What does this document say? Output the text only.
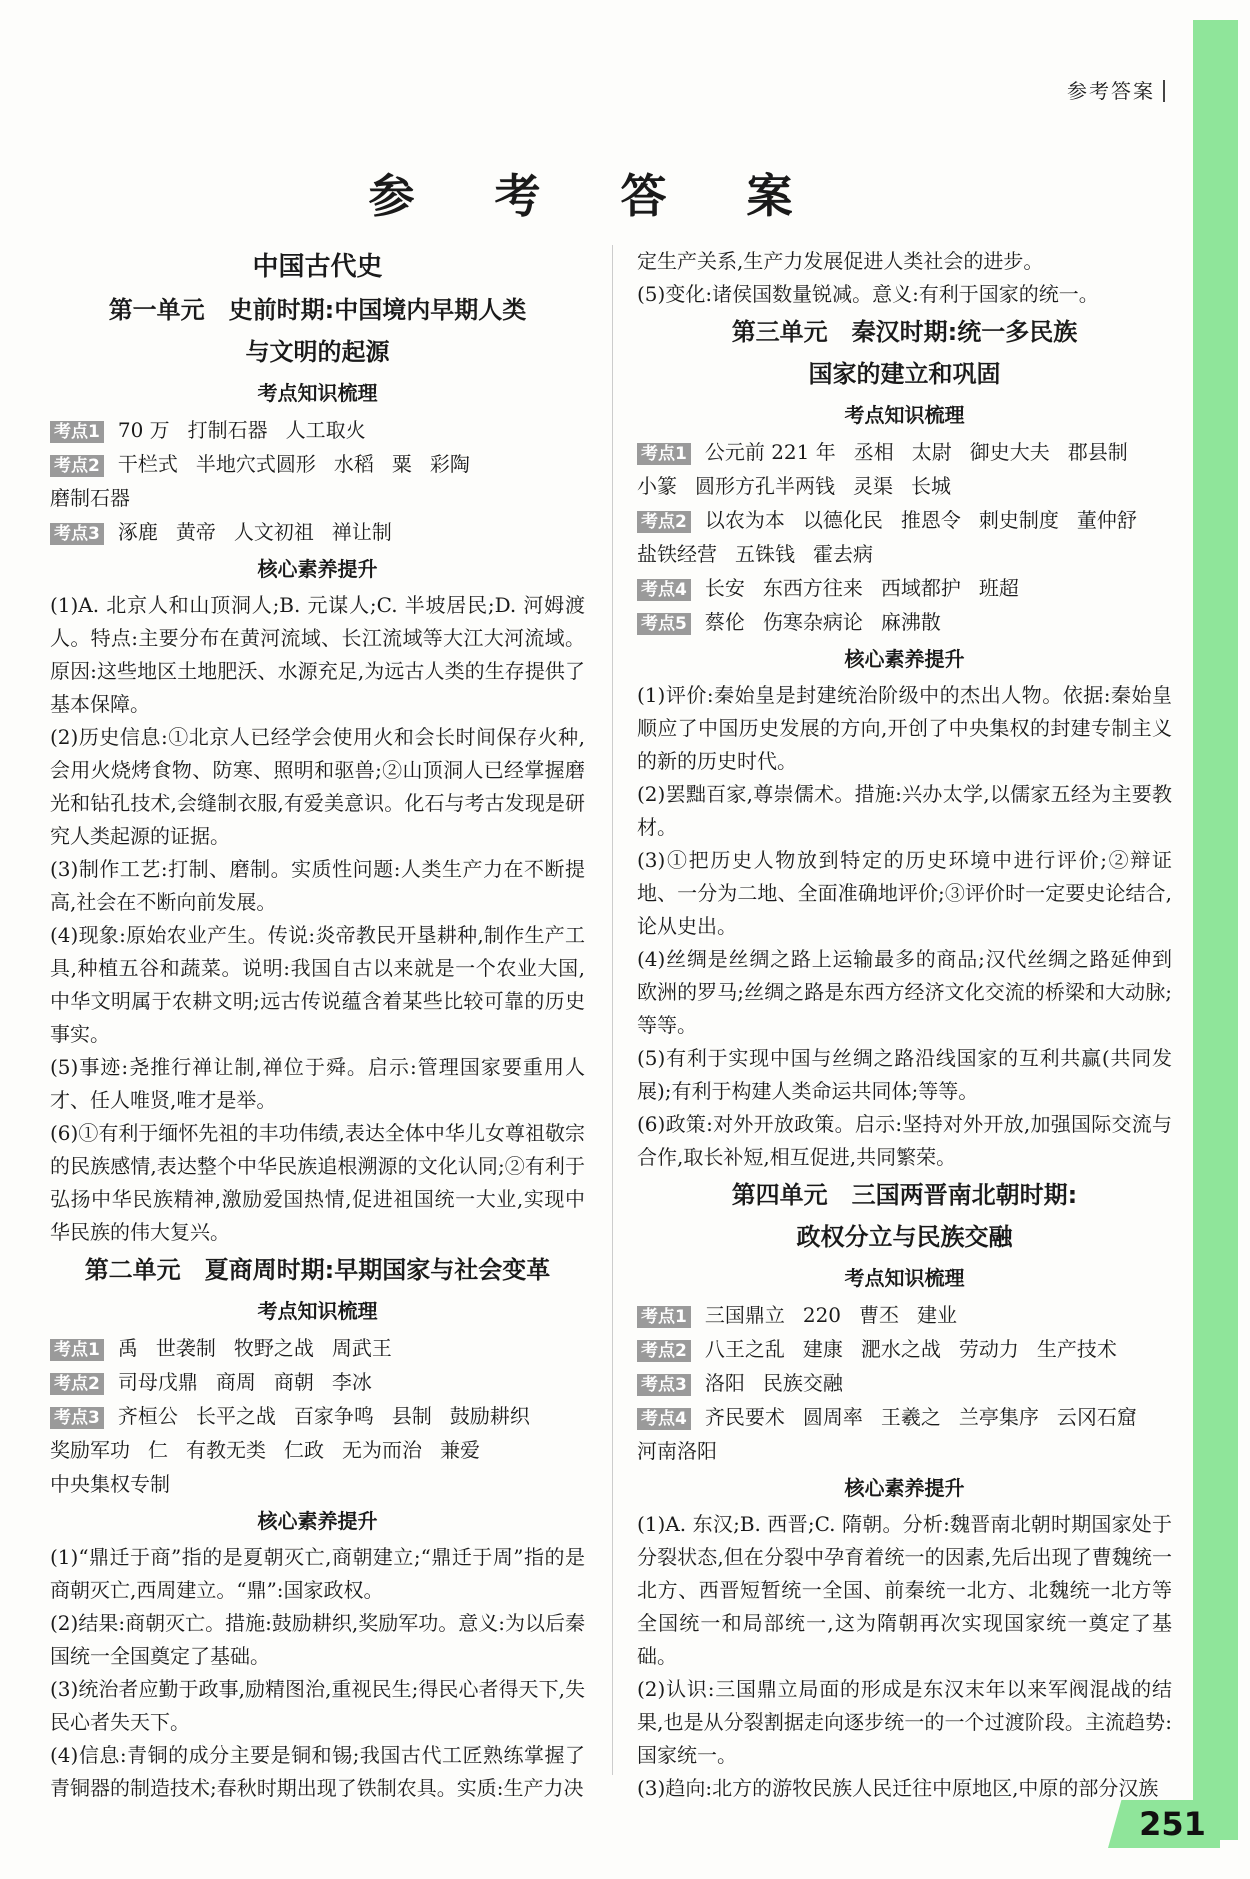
参考答案
参 考 答 案
中国古代史
第一单元　史前时期:中国境内早期人类
与文明的起源
考点知识梳理
考点1 70 万 打制石器 人工取火
考点2 干栏式 半地穴式圆形 水稻 粟 彩陶
磨制石器
考点3 涿鹿 黄帝 人文初祖 禅让制
核心素养提升
(1)A. 北京人和山顶洞人;B. 元谋人;C. 半坡居民;D. 河姆渡人。特点:主要分布在黄河流域、长江流域等大江大河流域。原因:这些地区土地肥沃、水源充足,为远古人类的生存提供了基本保障。
(2)历史信息:①北京人已经学会使用火和会长时间保存火种,会用火烧烤食物、防寒、照明和驱兽;②山顶洞人已经掌握磨光和钻孔技术,会缝制衣服,有爱美意识。化石与考古发现是研究人类起源的证据。
(3)制作工艺:打制、磨制。实质性问题:人类生产力在不断提高,社会在不断向前发展。
(4)现象:原始农业产生。传说:炎帝教民开垦耕种,制作生产工具,种植五谷和蔬菜。说明:我国自古以来就是一个农业大国,中华文明属于农耕文明;远古传说蕴含着某些比较可靠的历史事实。
(5)事迹:尧推行禅让制,禅位于舜。启示:管理国家要重用人才、任人唯贤,唯才是举。
(6)①有利于缅怀先祖的丰功伟绩,表达全体中华儿女尊祖敬宗的民族感情,表达整个中华民族追根溯源的文化认同;②有利于弘扬中华民族精神,激励爱国热情,促进祖国统一大业,实现中华民族的伟大复兴。
第二单元　夏商周时期:早期国家与社会变革
考点知识梳理
考点1 禹 世袭制 牧野之战 周武王
考点2 司母戊鼎 商周 商朝 李冰
考点3 齐桓公 长平之战 百家争鸣 县制 鼓励耕织
奖励军功 仁 有教无类 仁政 无为而治 兼爱
中央集权专制
核心素养提升
(1)“鼎迁于商”指的是夏朝灭亡,商朝建立;“鼎迁于周”指的是商朝灭亡,西周建立。“鼎”:国家政权。
(2)结果:商朝灭亡。措施:鼓励耕织,奖励军功。意义:为以后秦国统一全国奠定了基础。
(3)统治者应勤于政事,励精图治,重视民生;得民心者得天下,失民心者失天下。
(4)信息:青铜的成分主要是铜和锡;我国古代工匠熟练掌握了青铜器的制造技术;春秋时期出现了铁制农具。实质:生产力决
定生产关系,生产力发展促进人类社会的进步。
(5)变化:诸侯国数量锐减。意义:有利于国家的统一。
第三单元　秦汉时期:统一多民族
国家的建立和巩固
考点知识梳理
考点1 公元前 221 年 丞相 太尉 御史大夫 郡县制
小篆 圆形方孔半两钱 灵渠 长城
考点2 以农为本 以德化民 推恩令 刺史制度 董仲舒
盐铁经营 五铢钱 霍去病
考点4 长安 东西方往来 西域都护 班超
考点5 蔡伦 伤寒杂病论 麻沸散
核心素养提升
(1)评价:秦始皇是封建统治阶级中的杰出人物。依据:秦始皇顺应了中国历史发展的方向,开创了中央集权的封建专制主义的新的历史时代。
(2)罢黜百家,尊崇儒术。措施:兴办太学,以儒家五经为主要教材。
(3)①把历史人物放到特定的历史环境中进行评价;②辩证地、一分为二地、全面准确地评价;③评价时一定要史论结合,论从史出。
(4)丝绸是丝绸之路上运输最多的商品;汉代丝绸之路延伸到欧洲的罗马;丝绸之路是东西方经济文化交流的桥梁和大动脉;等等。
(5)有利于实现中国与丝绸之路沿线国家的互利共赢(共同发展);有利于构建人类命运共同体;等等。
(6)政策:对外开放政策。启示:坚持对外开放,加强国际交流与合作,取长补短,相互促进,共同繁荣。
第四单元　三国两晋南北朝时期:
政权分立与民族交融
考点知识梳理
考点1 三国鼎立 220 曹丕 建业
考点2 八王之乱 建康 淝水之战 劳动力 生产技术
考点3 洛阳 民族交融
考点4 齐民要术 圆周率 王羲之 兰亭集序 云冈石窟
河南洛阳
核心素养提升
(1)A. 东汉;B. 西晋;C. 隋朝。分析:魏晋南北朝时期国家处于分裂状态,但在分裂中孕育着统一的因素,先后出现了曹魏统一北方、西晋短暂统一全国、前秦统一北方、北魏统一北方等全国统一和局部统一,这为隋朝再次实现国家统一奠定了基础。
(2)认识:三国鼎立局面的形成是东汉末年以来军阀混战的结果,也是从分裂割据走向逐步统一的一个过渡阶段。主流趋势:国家统一。
(3)趋向:北方的游牧民族人民迁往中原地区,中原的部分汉族
251
